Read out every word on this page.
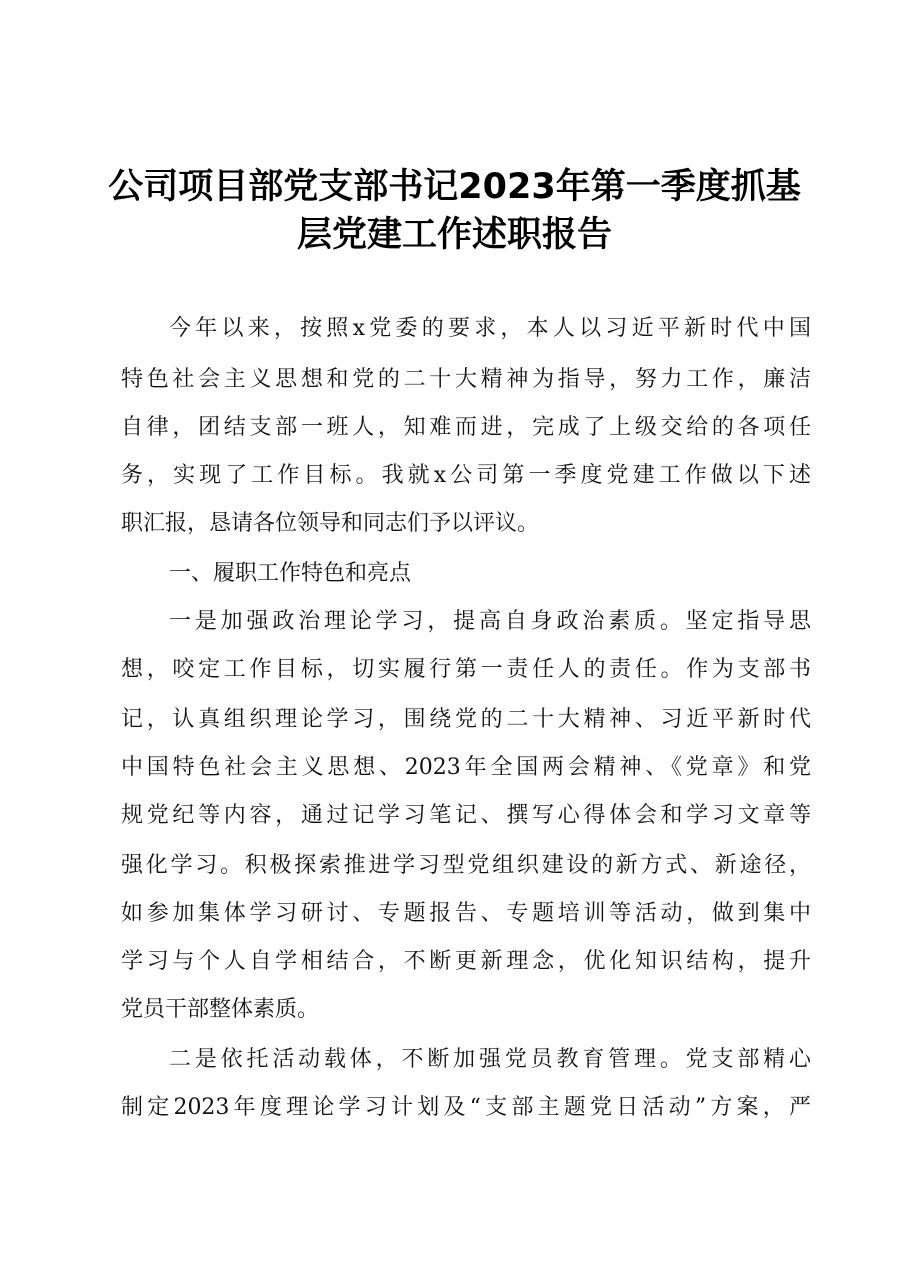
公司项目部党支部书记2023年第一季度抓基
层党建工作述职报告
今年以来，按照x党委的要求，本人以习近平新时代中国
特色社会主义思想和党的二十大精神为指导，努力工作，廉洁
自律，团结支部一班人，知难而进，完成了上级交给的各项任
务，实现了工作目标。我就x公司第一季度党建工作做以下述
职汇报，恳请各位领导和同志们予以评议。
一、履职工作特色和亮点
一是加强政治理论学习，提高自身政治素质。坚定指导思
想，咬定工作目标，切实履行第一责任人的责任。作为支部书
记，认真组织理论学习，围绕党的二十大精神、习近平新时代
中国特色社会主义思想、2023年全国两会精神、《党章》和党
规党纪等内容，通过记学习笔记、撰写心得体会和学习文章等
强化学习。积极探索推进学习型党组织建设的新方式、新途径，
如参加集体学习研讨、专题报告、专题培训等活动，做到集中
学习与个人自学相结合，不断更新理念，优化知识结构，提升
党员干部整体素质。
二是依托活动载体，不断加强党员教育管理。党支部精心
制定2023年度理论学习计划及“支部主题党日活动”方案，严
